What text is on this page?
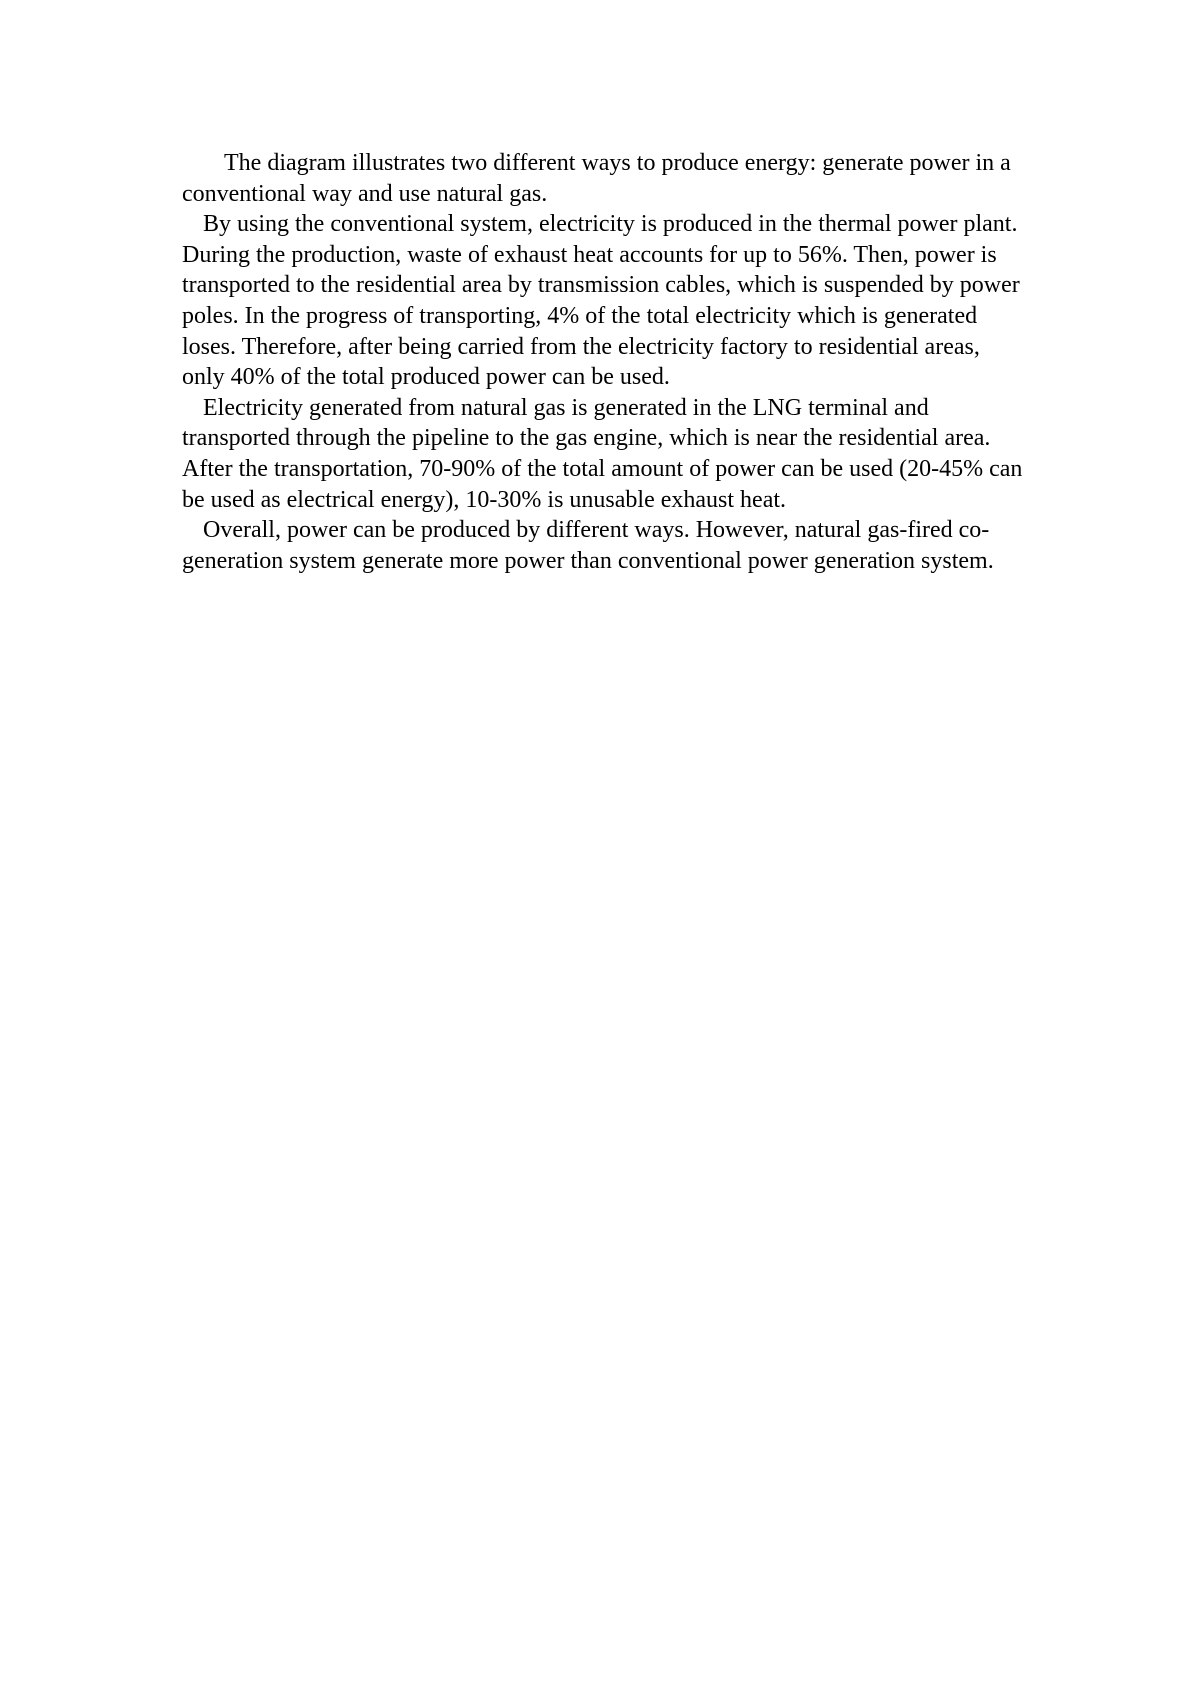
The diagram illustrates two different ways to produce energy: generate power in a conventional way and use natural gas.

By using the conventional system, electricity is produced in the thermal power plant. During the production, waste of exhaust heat accounts for up to 56%. Then, power is transported to the residential area by transmission cables, which is suspended by power poles. In the progress of transporting, 4% of the total electricity which is generated loses. Therefore, after being carried from the electricity factory to residential areas, only 40% of the total produced power can be used.

Electricity generated from natural gas is generated in the LNG terminal and transported through the pipeline to the gas engine, which is near the residential area. After the transportation, 70-90% of the total amount of power can be used (20-45% can be used as electrical energy), 10-30% is unusable exhaust heat.

Overall, power can be produced by different ways. However, natural gas-fired co-generation system generate more power than conventional power generation system.
